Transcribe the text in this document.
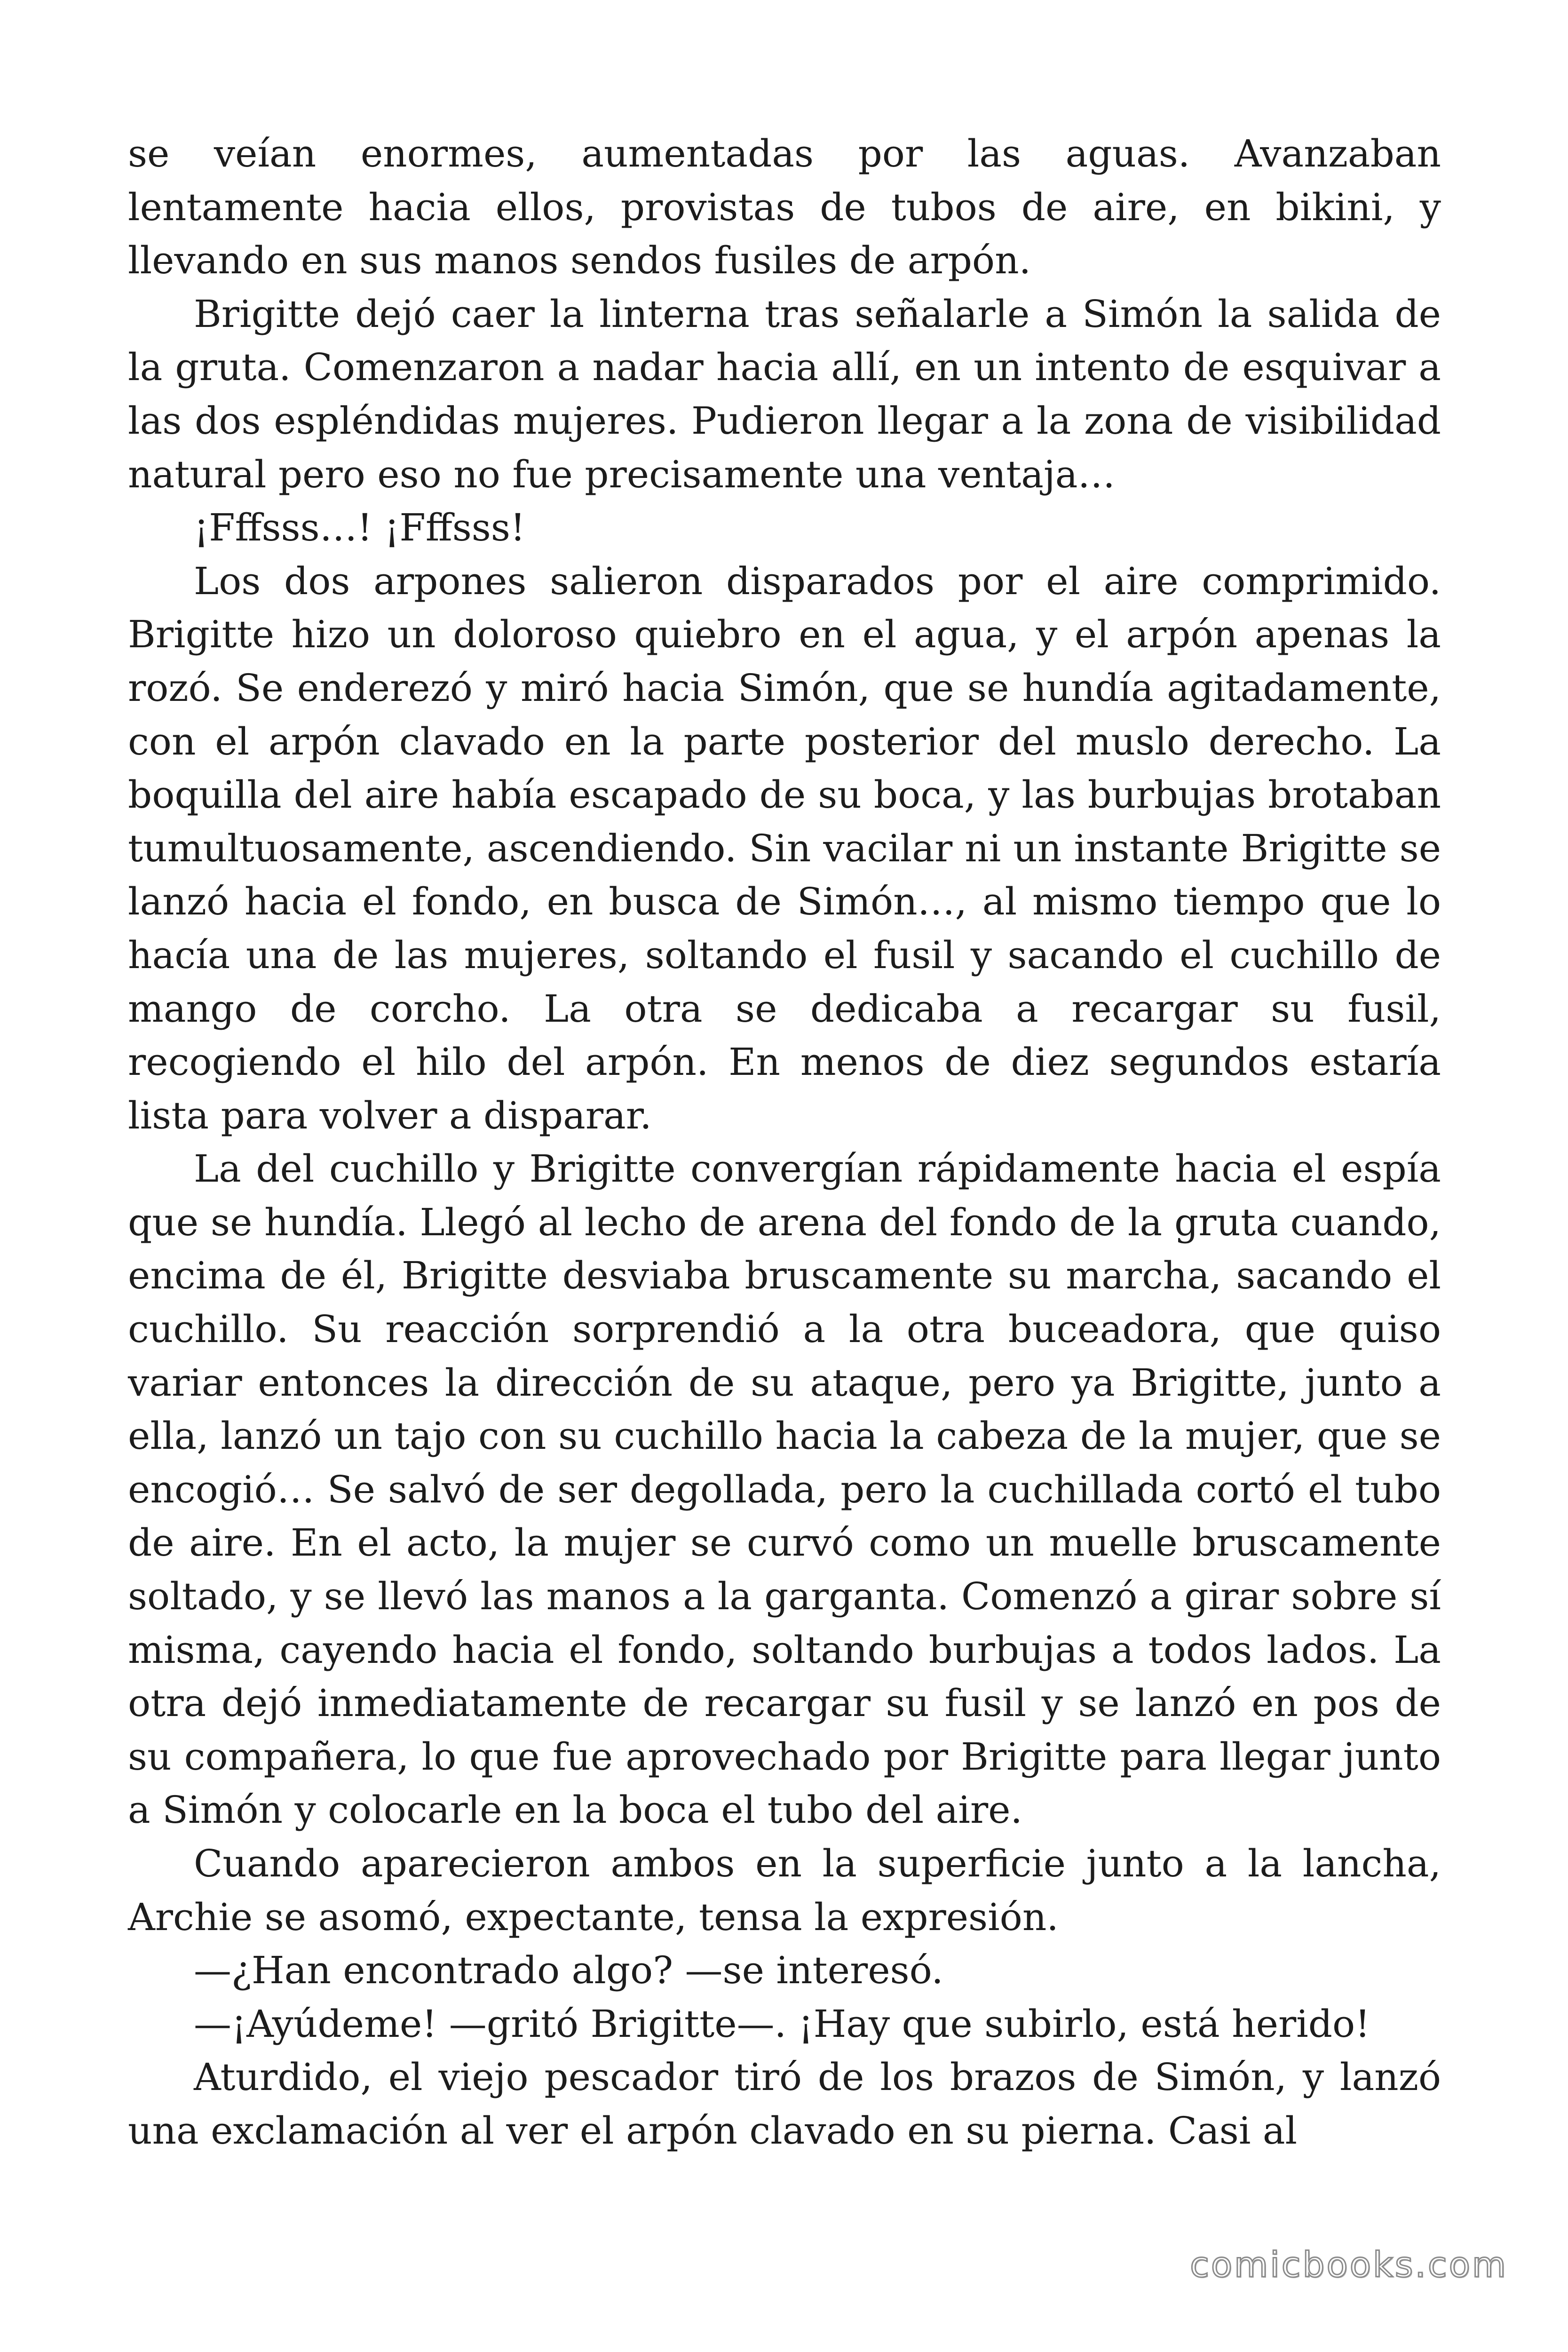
se veían enormes, aumentadas por las aguas. Avanzaban lentamente hacia ellos, provistas de tubos de aire, en bikini, y llevando en sus manos sendos fusiles de arpón.

Brigitte dejó caer la linterna tras señalarle a Simón la salida de la gruta. Comenzaron a nadar hacia allí, en un intento de esquivar a las dos espléndidas mujeres. Pudieron llegar a la zona de visibilidad natural pero eso no fue precisamente una ventaja…

¡Fffsss…! ¡Fffsss!

Los dos arpones salieron disparados por el aire comprimido. Brigitte hizo un doloroso quiebro en el agua, y el arpón apenas la rozó. Se enderezó y miró hacia Simón, que se hundía agitadamente, con el arpón clavado en la parte posterior del muslo derecho. La boquilla del aire había escapado de su boca, y las burbujas brotaban tumultuosamente, ascendiendo. Sin vacilar ni un instante Brigitte se lanzó hacia el fondo, en busca de Simón…, al mismo tiempo que lo hacía una de las mujeres, soltando el fusil y sacando el cuchillo de mango de corcho. La otra se dedicaba a recargar su fusil, recogiendo el hilo del arpón. En menos de diez segundos estaría lista para volver a disparar.

La del cuchillo y Brigitte convergían rápidamente hacia el espía que se hundía. Llegó al lecho de arena del fondo de la gruta cuando, encima de él, Brigitte desviaba bruscamente su marcha, sacando el cuchillo. Su reacción sorprendió a la otra buceadora, que quiso variar entonces la dirección de su ataque, pero ya Brigitte, junto a ella, lanzó un tajo con su cuchillo hacia la cabeza de la mujer, que se encogió… Se salvó de ser degollada, pero la cuchillada cortó el tubo de aire. En el acto, la mujer se curvó como un muelle bruscamente soltado, y se llevó las manos a la garganta. Comenzó a girar sobre sí misma, cayendo hacia el fondo, soltando burbujas a todos lados. La otra dejó inmediatamente de recargar su fusil y se lanzó en pos de su compañera, lo que fue aprovechado por Brigitte para llegar junto a Simón y colocarle en la boca el tubo del aire.

Cuando aparecieron ambos en la superficie junto a la lancha, Archie se asomó, expectante, tensa la expresión.

—¿Han encontrado algo? —se interesó.

—¡Ayúdeme! —gritó Brigitte—. ¡Hay que subirlo, está herido!

Aturdido, el viejo pescador tiró de los brazos de Simón, y lanzó una exclamación al ver el arpón clavado en su pierna. Casi al

comicbooks.com
